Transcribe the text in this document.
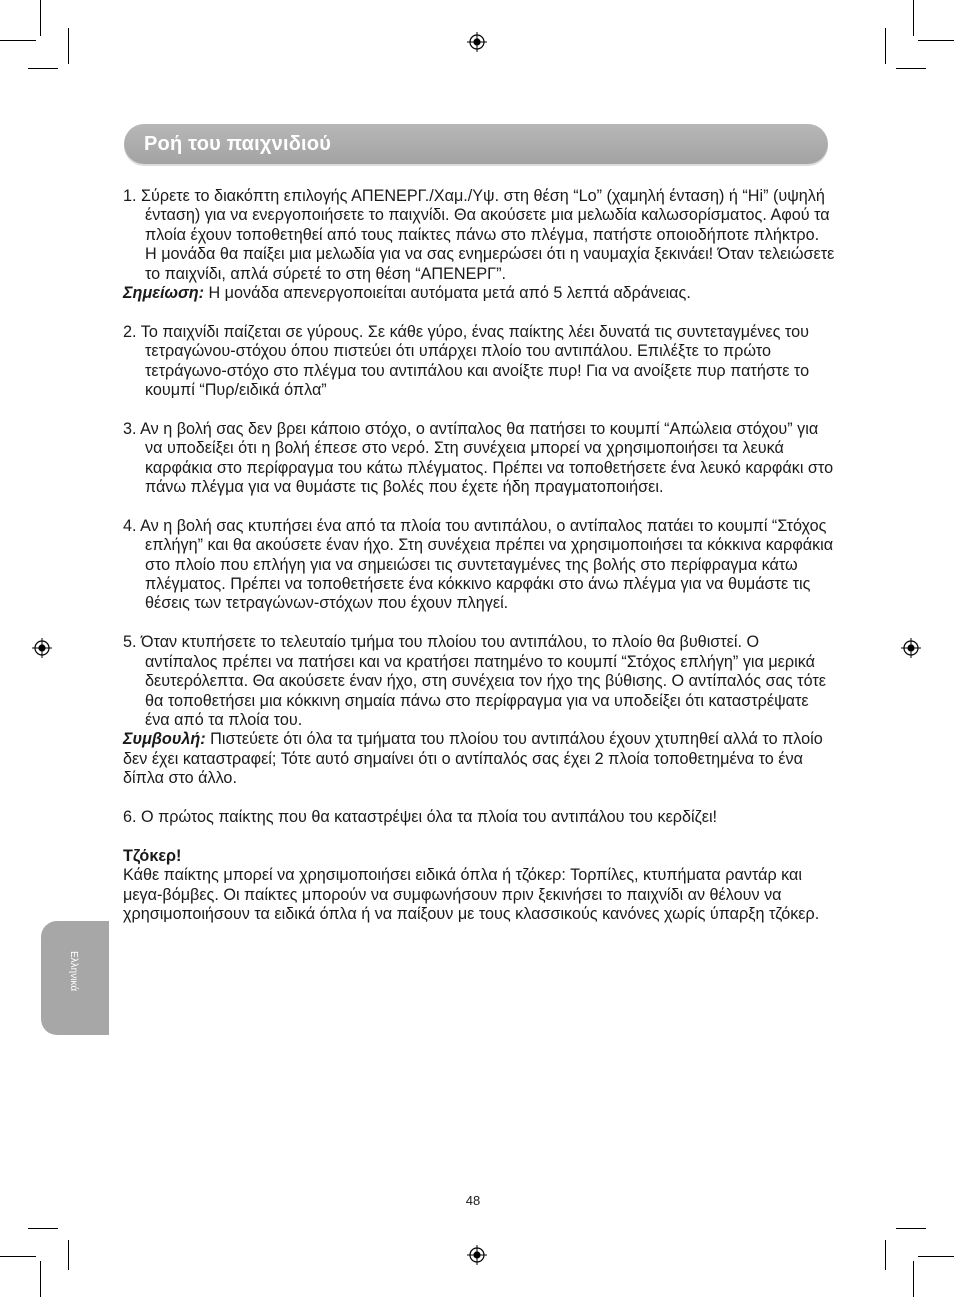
Ροή του παιχνιδιού
1. Σύρετε το διακόπτη επιλογής ΑΠΕΝΕΡΓ./Χαμ./Υψ. στη θέση “Lo” (χαμηλή ένταση) ή “Hi” (υψηλή ένταση) για να ενεργοποιήσετε το παιχνίδι. Θα ακούσετε μια μελωδία καλωσορίσματος. Αφού τα πλοία έχουν τοποθετηθεί από τους παίκτες πάνω στο πλέγμα, πατήστε οποιοδήποτε πλήκτρο. Η μονάδα θα παίξει μια μελωδία για να σας ενημερώσει ότι η ναυμαχία ξεκινάει! Όταν τελειώσετε το παιχνίδι, απλά σύρετέ το στη θέση “ΑΠΕΝΕΡΓ”.
Σημείωση: Η μονάδα απενεργοποιείται αυτόματα μετά από 5 λεπτά αδράνειας.
2. Το παιχνίδι παίζεται σε γύρους. Σε κάθε γύρο, ένας παίκτης λέει δυνατά τις συντεταγμένες του τετραγώνου-στόχου όπου πιστεύει ότι υπάρχει πλοίο του αντιπάλου. Επιλέξτε το πρώτο τετράγωνο-στόχο στο πλέγμα του αντιπάλου και ανοίξτε πυρ! Για να ανοίξετε πυρ πατήστε το κουμπί “Πυρ/ειδικά όπλα”
3. Αν η βολή σας δεν βρει κάποιο στόχο, ο αντίπαλος θα πατήσει το κουμπί “Απώλεια στόχου” για να υποδείξει ότι η βολή έπεσε στο νερό. Στη συνέχεια μπορεί να χρησιμοποιήσει τα λευκά καρφάκια στο περίφραγμα του κάτω πλέγματος. Πρέπει να τοποθετήσετε ένα λευκό καρφάκι στο πάνω πλέγμα για να θυμάστε τις βολές που έχετε ήδη πραγματοποιήσει.
4. Αν η βολή σας κτυπήσει ένα από τα πλοία του αντιπάλου, ο αντίπαλος πατάει το κουμπί “Στόχος επλήγη” και θα ακούσετε έναν ήχο. Στη συνέχεια πρέπει να χρησιμοποιήσει τα κόκκινα καρφάκια στο πλοίο που επλήγη για να σημειώσει τις συντεταγμένες της βολής στο περίφραγμα κάτω πλέγματος. Πρέπει να τοποθετήσετε ένα κόκκινο καρφάκι στο άνω πλέγμα για να θυμάστε τις θέσεις των τετραγώνων-στόχων που έχουν πληγεί.
5. Όταν κτυπήσετε το τελευταίο τμήμα του πλοίου του αντιπάλου, το πλοίο θα βυθιστεί. Ο αντίπαλος πρέπει να πατήσει και να κρατήσει πατημένο το κουμπί “Στόχος επλήγη” για μερικά δευτερόλεπτα. Θα ακούσετε έναν ήχο, στη συνέχεια τον ήχο της βύθισης. Ο αντίπαλός σας τότε θα τοποθετήσει μια κόκκινη σημαία πάνω στο περίφραγμα για να υποδείξει ότι καταστρέψατε ένα από τα πλοία του.
Συμβουλή: Πιστεύετε ότι όλα τα τμήματα του πλοίου του αντιπάλου έχουν χτυπηθεί αλλά το πλοίο δεν έχει καταστραφεί; Τότε αυτό σημαίνει ότι ο αντίπαλός σας έχει 2 πλοία τοποθετημένα το ένα δίπλα στο άλλο.
6. Ο πρώτος παίκτης που θα καταστρέψει όλα τα πλοία του αντιπάλου του κερδίζει!
Τζόκερ!
Κάθε παίκτης μπορεί να χρησιμοποιήσει ειδικά όπλα ή τζόκερ: Τορπίλες, κτυπήματα ραντάρ και μεγα-βόμβες. Οι παίκτες μπορούν να συμφωνήσουν πριν ξεκινήσει το παιχνίδι αν θέλουν να χρησιμοποιήσουν τα ειδικά όπλα ή να παίξουν με τους κλασσικούς κανόνες χωρίς ύπαρξη τζόκερ.
Ελληνικά
48
